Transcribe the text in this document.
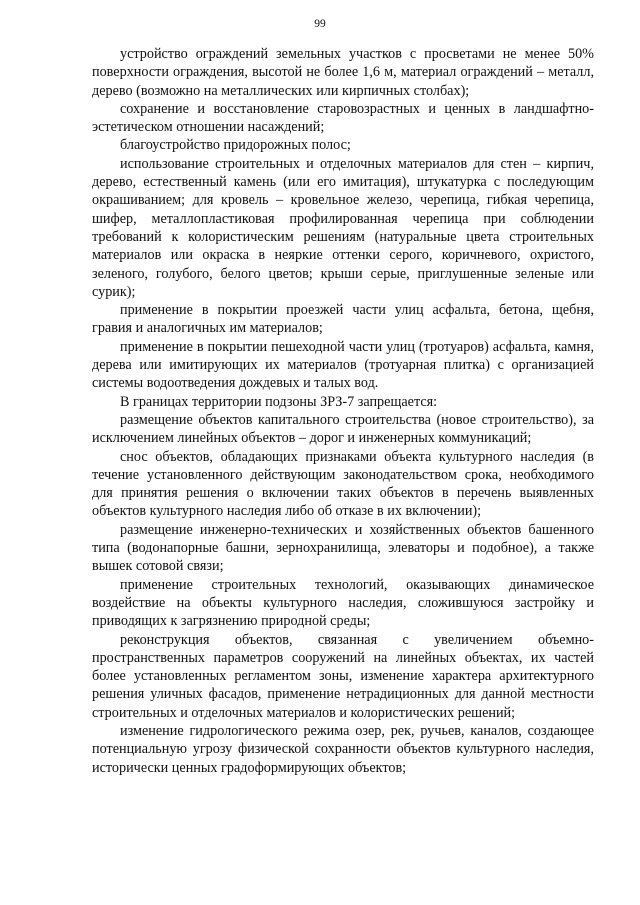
99

устройство ограждений земельных участков с просветами не менее 50% поверхности ограждения, высотой не более 1,6 м, материал ограждений – металл, дерево (возможно на металлических или кирпичных столбах);

сохранение и восстановление старовозрастных и ценных в ландшафтно-эстетическом отношении насаждений;

благоустройство придорожных полос;

использование строительных и отделочных материалов для стен – кирпич, дерево, естественный камень (или его имитация), штукатурка с последующим окрашиванием; для кровель – кровельное железо, черепица, гибкая черепица, шифер, металлопластиковая профилированная черепица при соблюдении требований к колористическим решениям (натуральные цвета строительных материалов или окраска в неяркие оттенки серого, коричневого, охристого, зеленого, голубого, белого цветов; крыши серые, приглушенные зеленые или сурик);

применение в покрытии проезжей части улиц асфальта, бетона, щебня, гравия и аналогичных им материалов;

применение в покрытии пешеходной части улиц (тротуаров) асфальта, камня, дерева или имитирующих их материалов (тротуарная плитка) с организацией системы водоотведения дождевых и талых вод.

В границах территории подзоны ЗРЗ-7 запрещается:

размещение объектов капитального строительства (новое строительство), за исключением линейных объектов – дорог и инженерных коммуникаций;

снос объектов, обладающих признаками объекта культурного наследия (в течение установленного действующим законодательством срока, необходимого для принятия решения о включении таких объектов в перечень выявленных объектов культурного наследия либо об отказе в их включении);

размещение инженерно-технических и хозяйственных объектов башенного типа (водонапорные башни, зернохранилища, элеваторы и подобное), а также вышек сотовой связи;

применение строительных технологий, оказывающих динамическое воздействие на объекты культурного наследия, сложившуюся застройку и приводящих к загрязнению природной среды;

реконструкция объектов, связанная с увеличением объемно-пространственных параметров сооружений на линейных объектах, их частей более установленных регламентом зоны, изменение характера архитектурного решения уличных фасадов, применение нетрадиционных для данной местности строительных и отделочных материалов и колористических решений;

изменение гидрологического режима озер, рек, ручьев, каналов, создающее потенциальную угрозу физической сохранности объектов культурного наследия, исторически ценных градоформирующих объектов;
